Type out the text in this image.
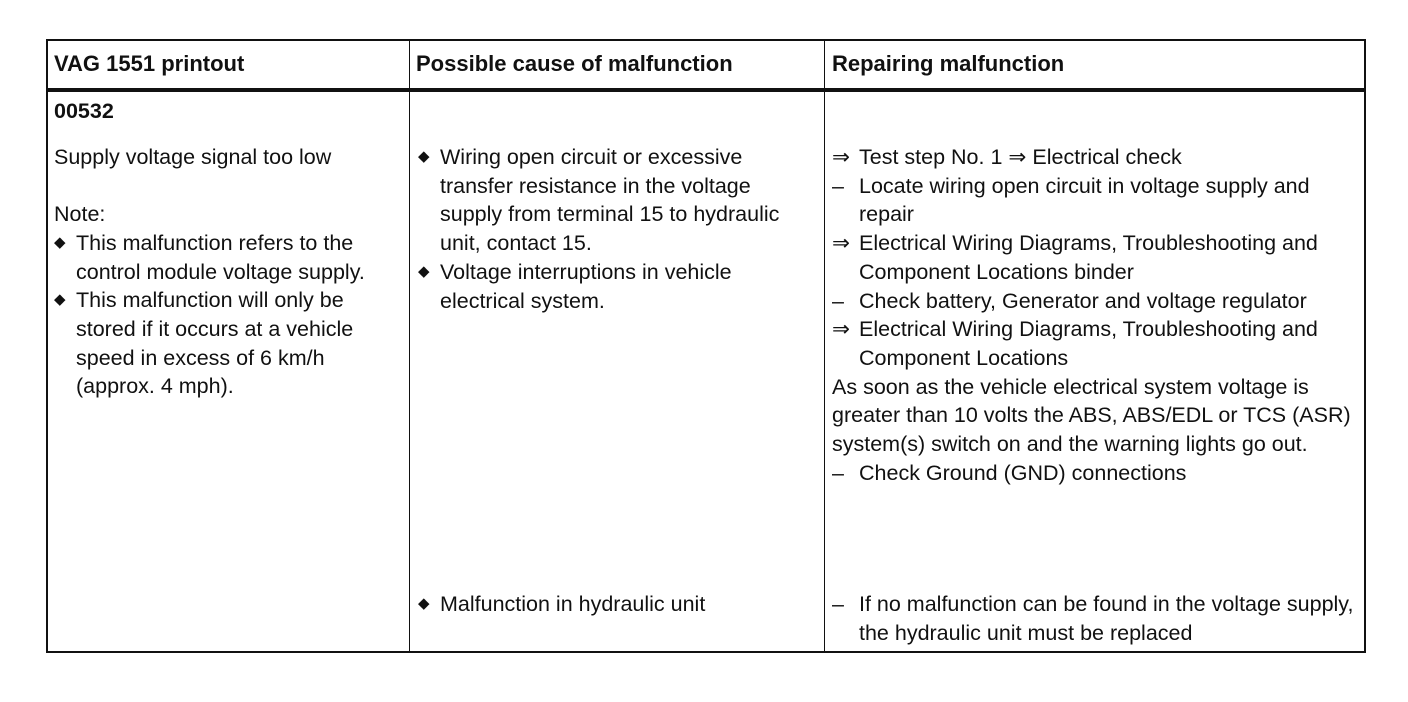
VAG 1551 printout	Possible cause of malfunction	Repairing malfunction
00532
Supply voltage signal too low
Note:
◆ This malfunction refers to the control module voltage supply.
◆ This malfunction will only be stored if it occurs at a vehicle speed in excess of 6 km/h (approx. 4 mph).
◆ Wiring open circuit or excessive transfer resistance in the voltage supply from terminal 15 to hydraulic unit, contact 15.
◆ Voltage interruptions in vehicle electrical system.
◆ Malfunction in hydraulic unit
⇒ Test step No. 1 ⇒ Electrical check
– Locate wiring open circuit in voltage supply and repair
⇒ Electrical Wiring Diagrams, Troubleshooting and Component Locations binder
– Check battery, Generator and voltage regulator
⇒ Electrical Wiring Diagrams, Troubleshooting and Component Locations
As soon as the vehicle electrical system voltage is greater than 10 volts the ABS, ABS/EDL or TCS (ASR) system(s) switch on and the warning lights go out.
– Check Ground (GND) connections
– If no malfunction can be found in the voltage supply, the hydraulic unit must be replaced
